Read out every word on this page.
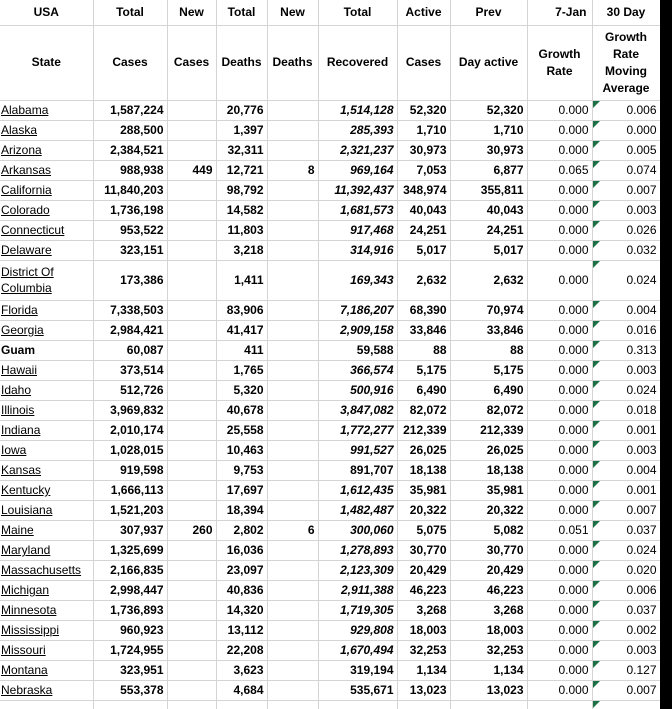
USA	Total	New	Total	New	Total	Active	Prev	7-Jan	30 Day
State	Cases	Cases	Deaths	Deaths	Recovered	Cases	Day active	Growth Rate	Growth Rate Moving Average
Alabama	1,587,224		20,776		1,514,128	52,320	52,320	0.000	0.006
Alaska	288,500		1,397		285,393	1,710	1,710	0.000	0.000
Arizona	2,384,521		32,311		2,321,237	30,973	30,973	0.000	0.005
Arkansas	988,938	449	12,721	8	969,164	7,053	6,877	0.065	0.074
California	11,840,203		98,792		11,392,437	348,974	355,811	0.000	0.007
Colorado	1,736,198		14,582		1,681,573	40,043	40,043	0.000	0.003
Connecticut	953,522		11,803		917,468	24,251	24,251	0.000	0.026
Delaware	323,151		3,218		314,916	5,017	5,017	0.000	0.032
District Of Columbia	173,386		1,411		169,343	2,632	2,632	0.000	0.024
Florida	7,338,503		83,906		7,186,207	68,390	70,974	0.000	0.004
Georgia	2,984,421		41,417		2,909,158	33,846	33,846	0.000	0.016
Guam	60,087		411		59,588	88	88	0.000	0.313
Hawaii	373,514		1,765		366,574	5,175	5,175	0.000	0.003
Idaho	512,726		5,320		500,916	6,490	6,490	0.000	0.024
Illinois	3,969,832		40,678		3,847,082	82,072	82,072	0.000	0.018
Indiana	2,010,174		25,558		1,772,277	212,339	212,339	0.000	0.001
Iowa	1,028,015		10,463		991,527	26,025	26,025	0.000	0.003
Kansas	919,598		9,753		891,707	18,138	18,138	0.000	0.004
Kentucky	1,666,113		17,697		1,612,435	35,981	35,981	0.000	0.001
Louisiana	1,521,203		18,394		1,482,487	20,322	20,322	0.000	0.007
Maine	307,937	260	2,802	6	300,060	5,075	5,082	0.051	0.037
Maryland	1,325,699		16,036		1,278,893	30,770	30,770	0.000	0.024
Massachusetts	2,166,835		23,097		2,123,309	20,429	20,429	0.000	0.020
Michigan	2,998,447		40,836		2,911,388	46,223	46,223	0.000	0.006
Minnesota	1,736,893		14,320		1,719,305	3,268	3,268	0.000	0.037
Mississippi	960,923		13,112		929,808	18,003	18,003	0.000	0.002
Missouri	1,724,955		22,208		1,670,494	32,253	32,253	0.000	0.003
Montana	323,951		3,623		319,194	1,134	1,134	0.000	0.127
Nebraska	553,378		4,684		535,671	13,023	13,023	0.000	0.007
